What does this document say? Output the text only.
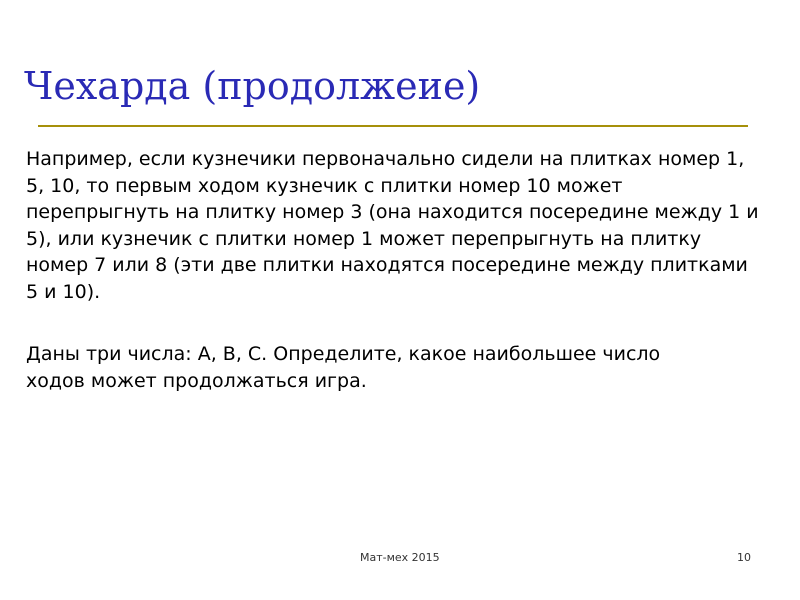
Чехарда (продолжеие)

Например, если кузнечики первоначально сидели на плитках номер 1, 5, 10, то первым ходом кузнечик с плитки номер 10 может перепрыгнуть на плитку номер 3 (она находится посередине между 1 и 5), или кузнечик с плитки номер 1 может перепрыгнуть на плитку номер 7 или 8 (эти две плитки находятся посередине между плитками 5 и 10).

Даны три числа: A, B, C. Определите, какое наибольшее число ходов может продолжаться игра.

Мат-мех 2015	10
